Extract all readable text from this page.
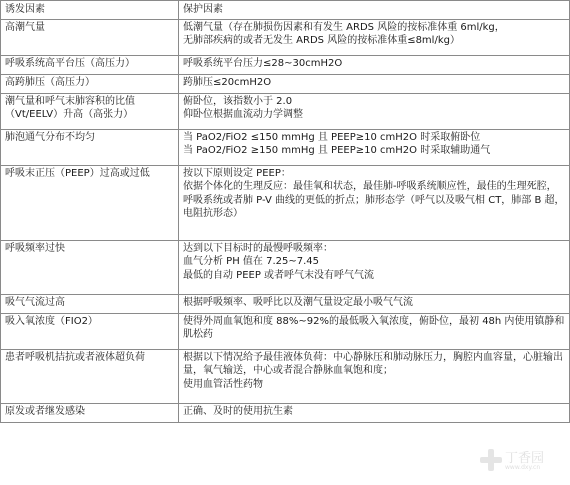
诱发因素	保护因素
高潮气量	低潮气量（存在肺损伤因素和有发生 ARDS 风险的按标准体重 6ml/kg，
无肺部疾病的或者无发生 ARDS 风险的按标准体重≤8ml/kg）

呼吸系统高平台压（高压力）	呼吸系统平台压力≤28~30cmH2O

高跨肺压（高压力）	跨肺压≤20cmH2O

潮气量和呼气末肺容积的比值（Vt/EELV）升高（高张力）	俯卧位，该指数小于 2.0
仰卧位根据血流动力学调整

肺泡通气分布不均匀	当 PaO2/FiO2 ≤150 mmHg 且 PEEP≥10 cmH2O 时采取俯卧位
当 PaO2/FiO2 ≥150 mmHg 且 PEEP≥10 cmH2O 时采取辅助通气

呼吸末正压（PEEP）过高或过低	按以下原则设定 PEEP：
依据个体化的生理反应：最佳氧和状态，最佳肺-呼吸系统顺应性，最佳的生理死腔，呼吸系统或者肺 P-V 曲线的更低的折点；肺形态学（呼气以及吸气相 CT，肺部 B 超，电阻抗形态）

呼吸频率过快	达到以下目标时的最慢呼吸频率：
血气分析 PH 值在 7.25~7.45
最低的自动 PEEP 或者呼气末没有呼气气流

吸气气流过高	根据呼吸频率、吸呼比以及潮气量设定最小吸气气流

吸入氧浓度（FIO2）	使得外周血氧饱和度 88%~92%的最低吸入氧浓度，俯卧位，最初 48h 内使用镇静和肌松药

患者呼吸机拮抗或者液体超负荷	根据以下情况给予最佳液体负荷：中心静脉压和肺动脉压力，胸腔内血容量，心脏输出量，氧气输送，中心或者混合静脉血氧饱和度；
使用血管活性药物

原发或者继发感染	正确、及时的使用抗生素
丁香园
www.dxy.cn
